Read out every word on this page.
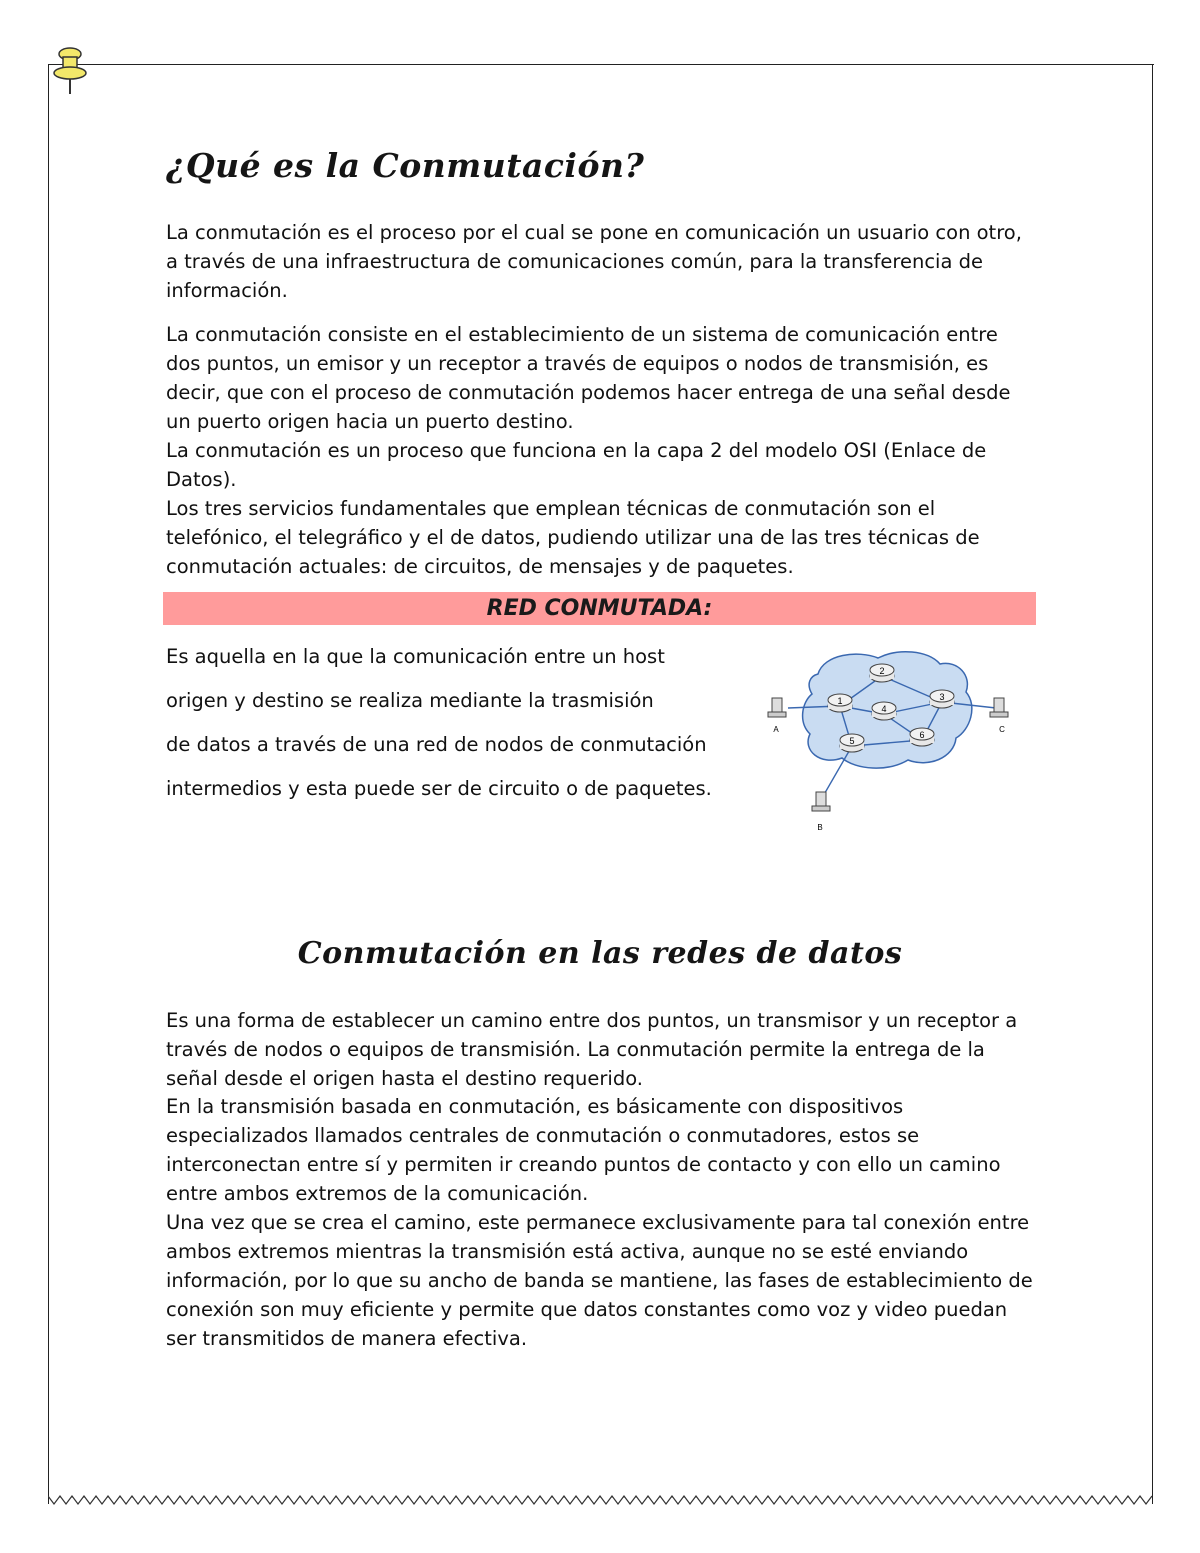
¿Qué es la Conmutación?

La conmutación es el proceso por el cual se pone en comunicación un usuario con otro, a través de una infraestructura de comunicaciones común, para la transferencia de información.

La conmutación consiste en el establecimiento de un sistema de comunicación entre dos puntos, un emisor y un receptor a través de equipos o nodos de transmisión, es decir, que con el proceso de conmutación podemos hacer entrega de una señal desde un puerto origen hacia un puerto destino.

La conmutación es un proceso que funciona en la capa 2 del modelo OSI (Enlace de Datos).

Los tres servicios fundamentales que emplean técnicas de conmutación son el telefónico, el telegráfico y el de datos, pudiendo utilizar una de las tres técnicas de conmutación actuales: de circuitos, de mensajes y de paquetes.

RED CONMUTADA:

Es aquella en la que la comunicación entre un host

origen y destino se realiza mediante la trasmisión

de datos a través de una red de nodos de conmutación

intermedios y esta puede ser de circuito o de paquetes.

1
2
3
4
5
6
A
B
C
Conmutación en las redes de datos

Es una forma de establecer un camino entre dos puntos, un transmisor y un receptor a través de nodos o equipos de transmisión. La conmutación permite la entrega de la señal desde el origen hasta el destino requerido.

En la transmisión basada en conmutación, es básicamente con dispositivos especializados llamados centrales de conmutación o conmutadores, estos se interconectan entre sí y permiten ir creando puntos de contacto y con ello un camino entre ambos extremos de la comunicación.

Una vez que se crea el camino, este permanece exclusivamente para tal conexión entre ambos extremos mientras la transmisión está activa, aunque no se esté enviando información, por lo que su ancho de banda se mantiene, las fases de establecimiento de conexión son muy eficiente y permite que datos constantes como voz y video puedan ser transmitidos de manera efectiva.
